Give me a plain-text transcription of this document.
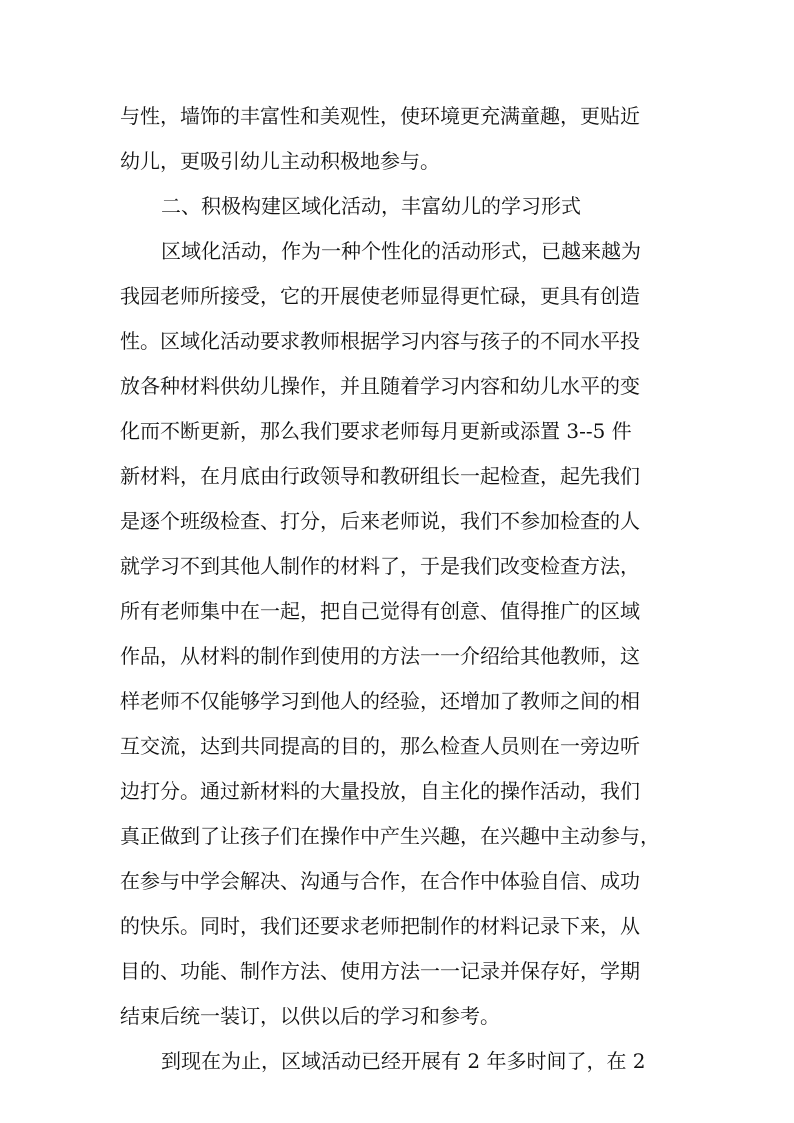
与性，墙饰的丰富性和美观性，使环境更充满童趣，更贴近
幼儿，更吸引幼儿主动积极地参与。
二、积极构建区域化活动，丰富幼儿的学习形式
区域化活动，作为一种个性化的活动形式，已越来越为
我园老师所接受，它的开展使老师显得更忙碌，更具有创造
性。区域化活动要求教师根据学习内容与孩子的不同水平投
放各种材料供幼儿操作，并且随着学习内容和幼儿水平的变
化而不断更新，那么我们要求老师每月更新或添置 3--5 件
新材料，在月底由行政领导和教研组长一起检查，起先我们
是逐个班级检查、打分，后来老师说，我们不参加检查的人
就学习不到其他人制作的材料了，于是我们改变检查方法，
所有老师集中在一起，把自己觉得有创意、值得推广的区域
作品，从材料的制作到使用的方法一一介绍给其他教师，这
样老师不仅能够学习到他人的经验，还增加了教师之间的相
互交流，达到共同提高的目的，那么检查人员则在一旁边听
边打分。通过新材料的大量投放，自主化的操作活动，我们
真正做到了让孩子们在操作中产生兴趣，在兴趣中主动参与，
在参与中学会解决、沟通与合作，在合作中体验自信、成功
的快乐。同时，我们还要求老师把制作的材料记录下来，从
目的、功能、制作方法、使用方法一一记录并保存好，学期
结束后统一装订，以供以后的学习和参考。
到现在为止，区域活动已经开展有 2 年多时间了，在 2
